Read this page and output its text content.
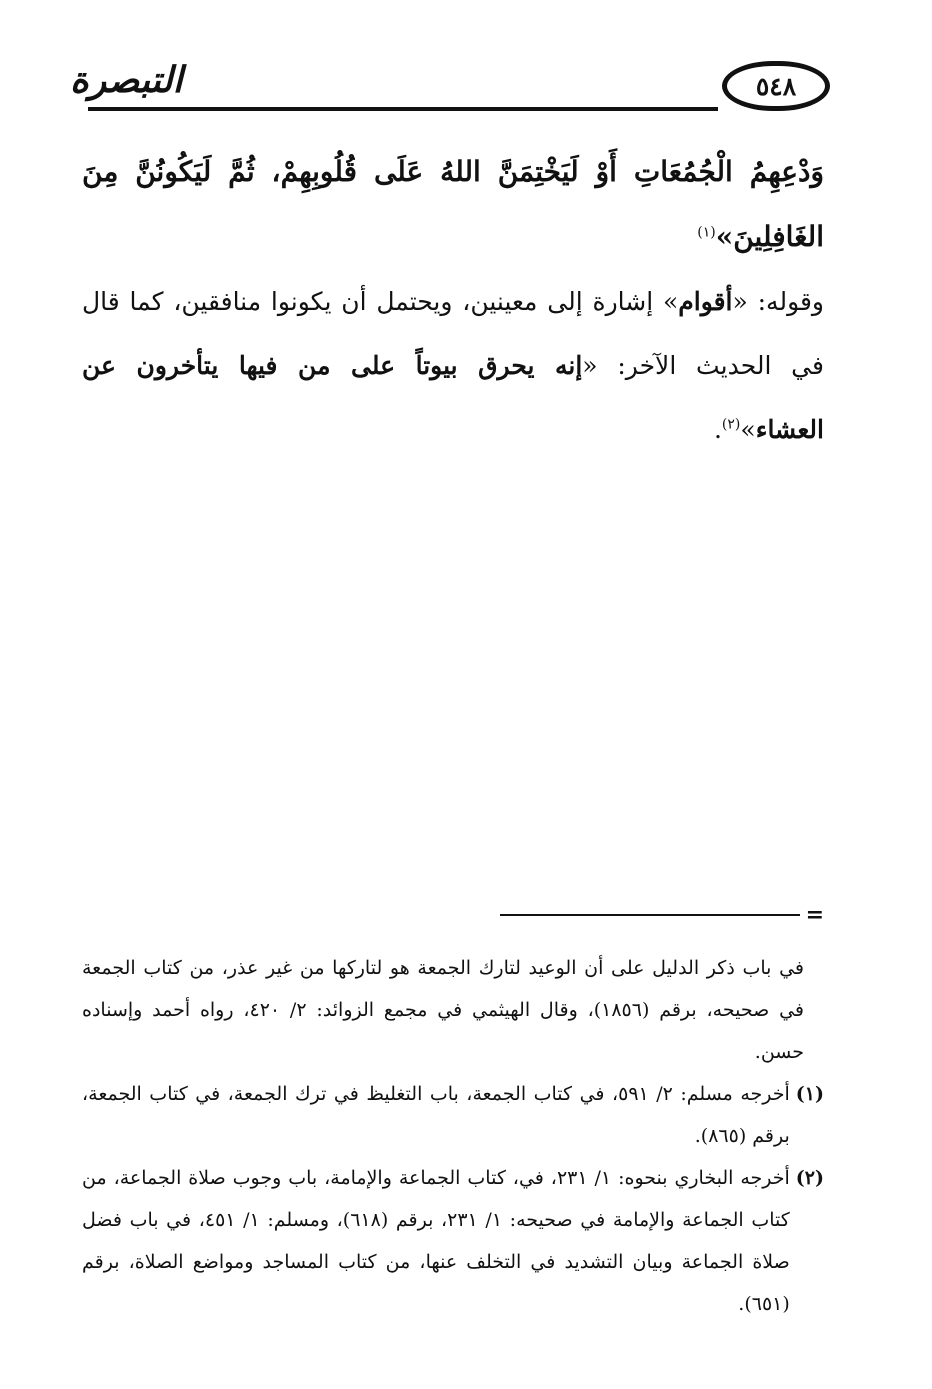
التبصرة	٥٤٨

وَدْعِهِمُ الْجُمُعَاتِ أَوْ لَيَخْتِمَنَّ اللهُ عَلَى قُلُوبِهِمْ، ثُمَّ لَيَكُونُنَّ مِنَ الغَافِلِينَ»$^{(١)}$

وقوله: «أقوام» إشارة إلى معينين، ويحتمل أن يكونوا منافقين، كما قال في الحديث الآخر: «إنه يحرق بيوتاً على من فيها يتأخرون عن العشاء»$^{(٢)}$.

=

في باب ذكر الدليل على أن الوعيد لتارك الجمعة هو لتاركها من غير عذر، من كتاب الجمعة في صحيحه، برقم (١٨٥٦)، وقال الهيثمي في مجمع الزوائد: ٢/ ٤٢٠، رواه أحمد وإسناده حسن.

(١)
أخرجه مسلم: ٢/ ٥٩١، في كتاب الجمعة، باب التغليظ في ترك الجمعة، في كتاب الجمعة، برقم (٨٦٥).
(٢)
أخرجه البخاري بنحوه: ١/ ٢٣١، في، كتاب الجماعة والإمامة، باب وجوب صلاة الجماعة، من كتاب الجماعة والإمامة في صحيحه: ١/ ٢٣١، برقم (٦١٨)، ومسلم: ١/ ٤٥١، في باب فضل صلاة الجماعة وبيان التشديد في التخلف عنها، من كتاب المساجد ومواضع الصلاة، برقم (٦٥١).
